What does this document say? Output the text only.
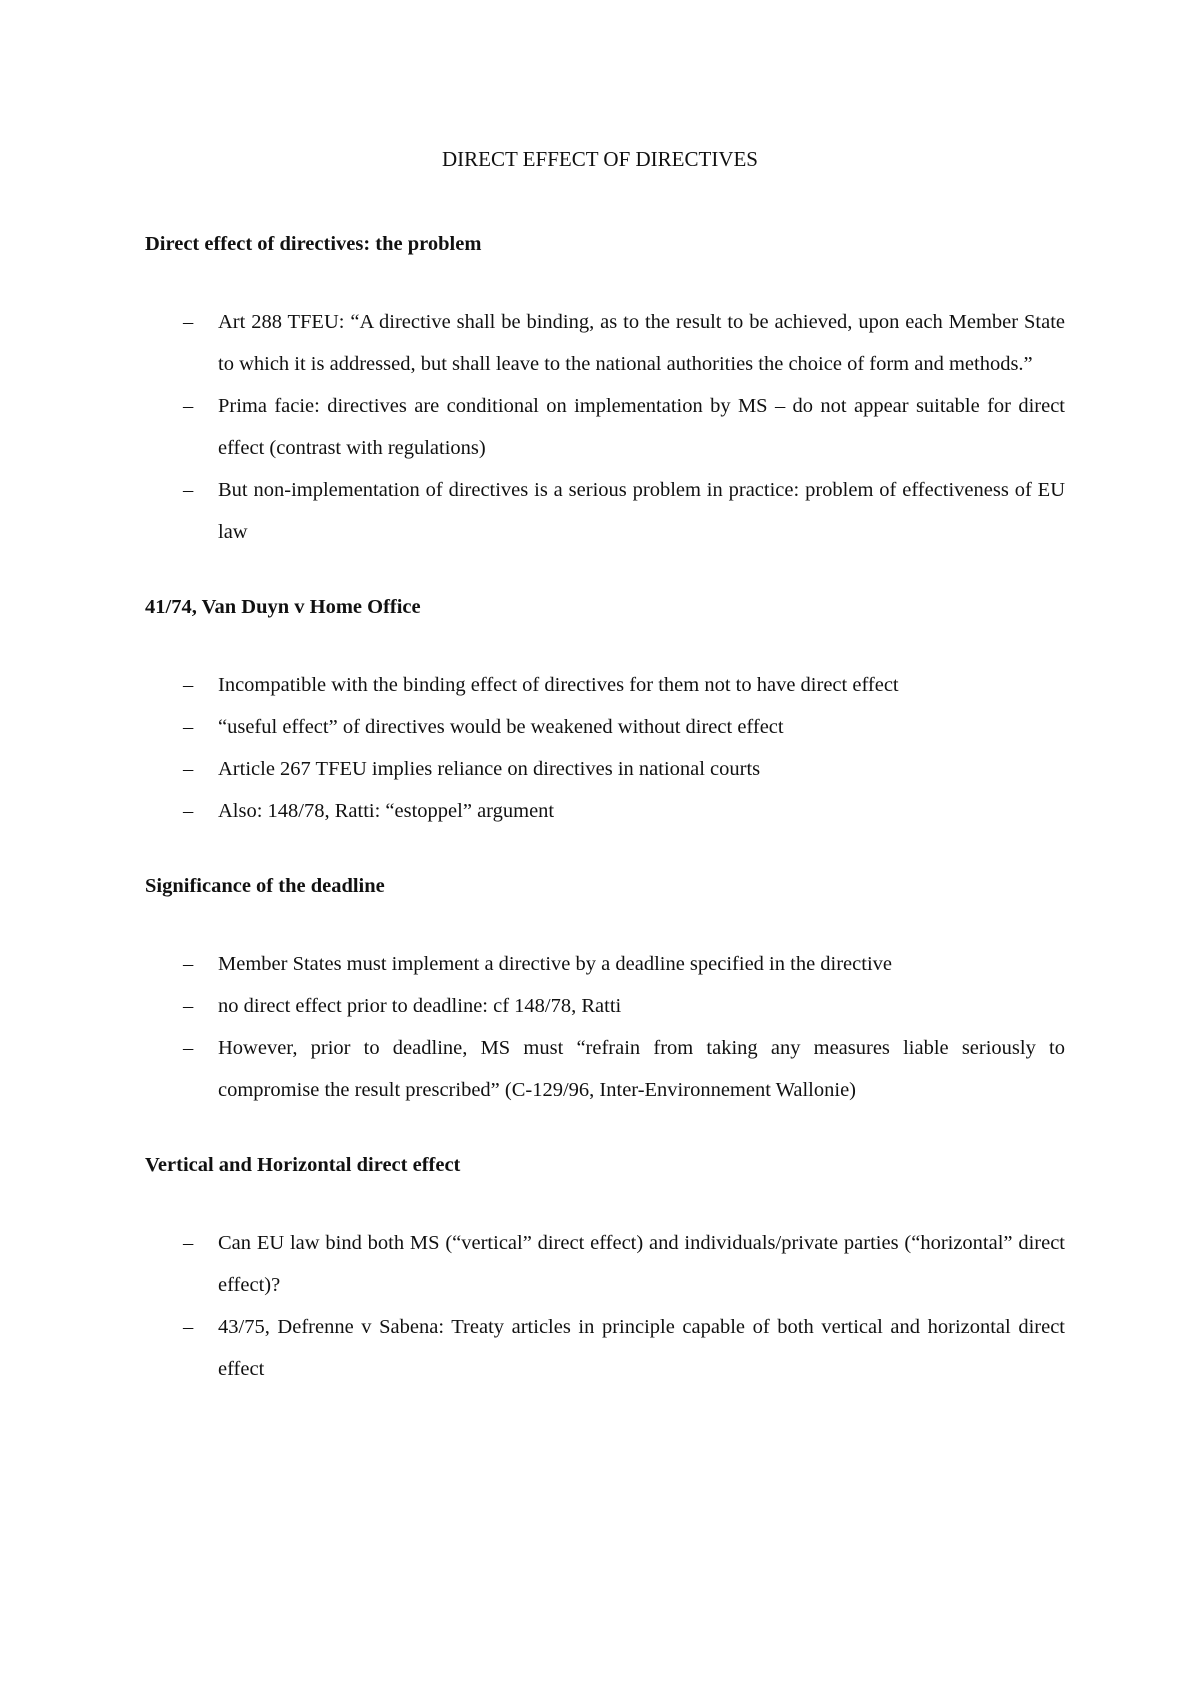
DIRECT EFFECT OF DIRECTIVES

Direct effect of directives: the problem

– Art 288 TFEU: “A directive shall be binding, as to the result to be achieved, upon each Member State to which it is addressed, but shall leave to the national authorities the choice of form and methods.”
– Prima facie: directives are conditional on implementation by MS – do not appear suitable for direct effect (contrast with regulations)
– But non-implementation of directives is a serious problem in practice: problem of effectiveness of EU law

41/74, Van Duyn v Home Office

– Incompatible with the binding effect of directives for them not to have direct effect
– “useful effect” of directives would be weakened without direct effect
– Article 267 TFEU implies reliance on directives in national courts
– Also: 148/78, Ratti: “estoppel” argument

Significance of the deadline

– Member States must implement a directive by a deadline specified in the directive
– no direct effect prior to deadline: cf 148/78, Ratti
– However, prior to deadline, MS must “refrain from taking any measures liable seriously to compromise the result prescribed” (C-129/96, Inter-Environnement Wallonie)

Vertical and Horizontal direct effect

– Can EU law bind both MS (“vertical” direct effect) and individuals/private parties (“horizontal” direct effect)?
– 43/75, Defrenne v Sabena: Treaty articles in principle capable of both vertical and horizontal direct effect
